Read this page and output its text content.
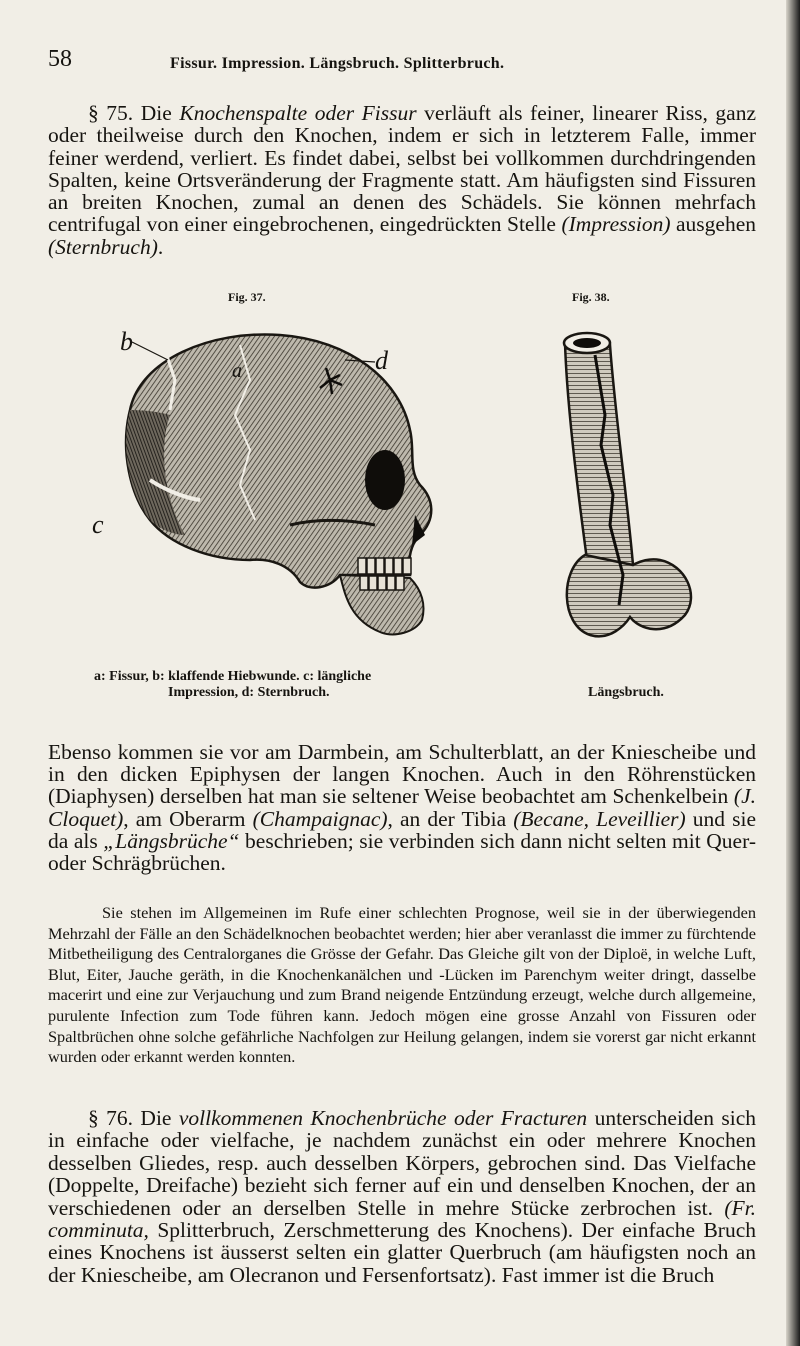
58	Fissur. Impression. Längsbruch. Splitterbruch.

§ 75. Die Knochenspalte oder Fissur verläuft als feiner, linearer Riss, ganz oder theilweise durch den Knochen, indem er sich in letzterem Falle, immer feiner werdend, verliert. Es findet dabei, selbst bei vollkommen durchdringenden Spalten, keine Ortsveränderung der Fragmente statt. Am häufigsten sind Fissuren an breiten Knochen, zumal an denen des Schädels. Sie können mehrfach centrifugal von einer eingebrochenen, eingedrückten Stelle (Impression) ausgehen (Sternbruch).

Fig. 37.	Fig. 38.
b
a	d
c
a: Fissur, b: klaffende Hiebwunde. c: längliche
Impression, d: Sternbruch.	Längsbruch.

Ebenso kommen sie vor am Darmbein, am Schulterblatt, an der Kniescheibe und in den dicken Epiphysen der langen Knochen. Auch in den Röhrenstücken (Diaphysen) derselben hat man sie seltener Weise beobachtet am Schenkelbein (J. Cloquet), am Oberarm (Champaignac), an der Tibia (Becane, Leveillier) und sie da als „Längsbrüche“ beschrieben; sie verbinden sich dann nicht selten mit Quer- oder Schrägbrüchen.

Sie stehen im Allgemeinen im Rufe einer schlechten Prognose, weil sie in der überwiegenden Mehrzahl der Fälle an den Schädelknochen beobachtet werden; hier aber veranlasst die immer zu fürchtende Mitbetheiligung des Centralorganes die Grösse der Gefahr. Das Gleiche gilt von der Diploë, in welche Luft, Blut, Eiter, Jauche geräth, in die Knochenkanälchen und -Lücken im Parenchym weiter dringt, dasselbe macerirt und eine zur Verjauchung und zum Brand neigende Entzündung erzeugt, welche durch allgemeine, purulente Infection zum Tode führen kann. Jedoch mögen eine grosse Anzahl von Fissuren oder Spaltbrüchen ohne solche gefährliche Nachfolgen zur Heilung gelangen, indem sie vorerst gar nicht erkannt wurden oder erkannt werden konnten.

§ 76. Die vollkommenen Knochenbrüche oder Fracturen unterscheiden sich in einfache oder vielfache, je nachdem zunächst ein oder mehrere Knochen desselben Gliedes, resp. auch desselben Körpers, gebrochen sind. Das Vielfache (Doppelte, Dreifache) bezieht sich ferner auf ein und denselben Knochen, der an verschiedenen oder an derselben Stelle in mehre Stücke zerbrochen ist. (Fr. comminuta, Splitterbruch, Zerschmetterung des Knochens). Der einfache Bruch eines Knochens ist äusserst selten ein glatter Querbruch (am häufigsten noch an der Kniescheibe, am Olecranon und Fersenfortsatz). Fast immer ist die Bruch
